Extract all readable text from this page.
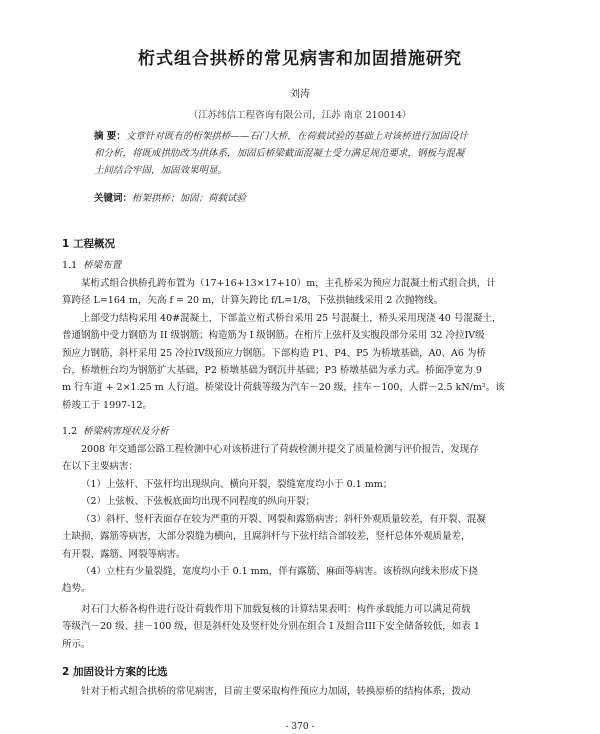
桁式组合拱桥的常见病害和加固措施研究
刘涛
（江苏纬信工程咨询有限公司，江苏 南京 210014）
摘 要：文章针对既有的桁架拱桥——石门大桥，在荷载试验的基础上对该桥进行加固设计
和分析，将既成拱肋改为拱体系，加固后桥梁截面混凝土受力满足规范要求，钢板与混凝
土间结合牢固，加固效果明显。
关键词：桁架拱桥；加固；荷载试验
1 工程概况
1.1 桥梁布置
某桁式组合拱桥孔跨布置为（17+16+13×17+10）m，主孔桥采为预应力混凝土桁式组合拱，计
算跨径 L=164 m，矢高 f = 20 m，计算矢跨比 f/L=1/8，下弦拱轴线采用 2 次抛物线。
上部受力结构采用 40#混凝土，下部盖立桁式桥台采用 25 号混凝土，桥头采用现浇 40 号混凝土，
普通钢筋中受力钢筋为 II 级钢筋；构造筋为 I 级钢筋。在桁片上弦杆及实腹段部分采用 32 冷拉IV级
预应力钢筋，斜杆采用 25 冷拉IV级预应力钢筋。下部构造 P1、P4、P5 为桥墩基础，A0、A6 为桥
台，桥墩桩台均为钢筋扩大基础，P2 桥墩基础为钢沉井基础；P3 桥墩基础为承力式。桥面净宽为 9
m 行车道 + 2×1.25 m 人行道。桥梁设计荷载等级为汽车－20 级，挂车－100，人群－2.5 kN/m²。该
桥竣工于 1997-12。
1.2 桥梁病害现状及分析
2008 年交通部公路工程检测中心对该桥进行了荷载检测并提交了质量检测与评价报告，发现存
在以下主要病害：
（1）上弦杆、下弦杆均出现纵向、横向开裂，裂缝宽度均小于 0.1 mm；
（2）上弦板、下弦板底面均出现不同程度的纵向开裂；
（3）斜杆、竖杆表面存在较为严重的开裂、网裂和露筋病害；斜杆外观质量较差，有开裂、混凝
土缺损，露筋等病害，大部分裂缝为横向，且腐斜杆与下弦杆结合部较差，竖杆总体外观质量差，
有开裂、露筋、网裂等病害。
（4）立柱有少量裂缝，宽度均小于 0.1 mm，伴有露筋、麻面等病害。该桥纵向线未形成下挠
趋势。
对石门大桥各构件进行设计荷载作用下加载复核的计算结果表明：构件承载能力可以满足荷载
等级汽－20 级、挂－100 级，但是斜杆处及竖杆处分别在组合 I 及组合III下安全储备较低，如表 1
所示。
2 加固设计方案的比选
针对于桁式组合拱桥的常见病害，目前主要采取构件预应力加固，转换原桥的结构体系，拨动
- 370 -
